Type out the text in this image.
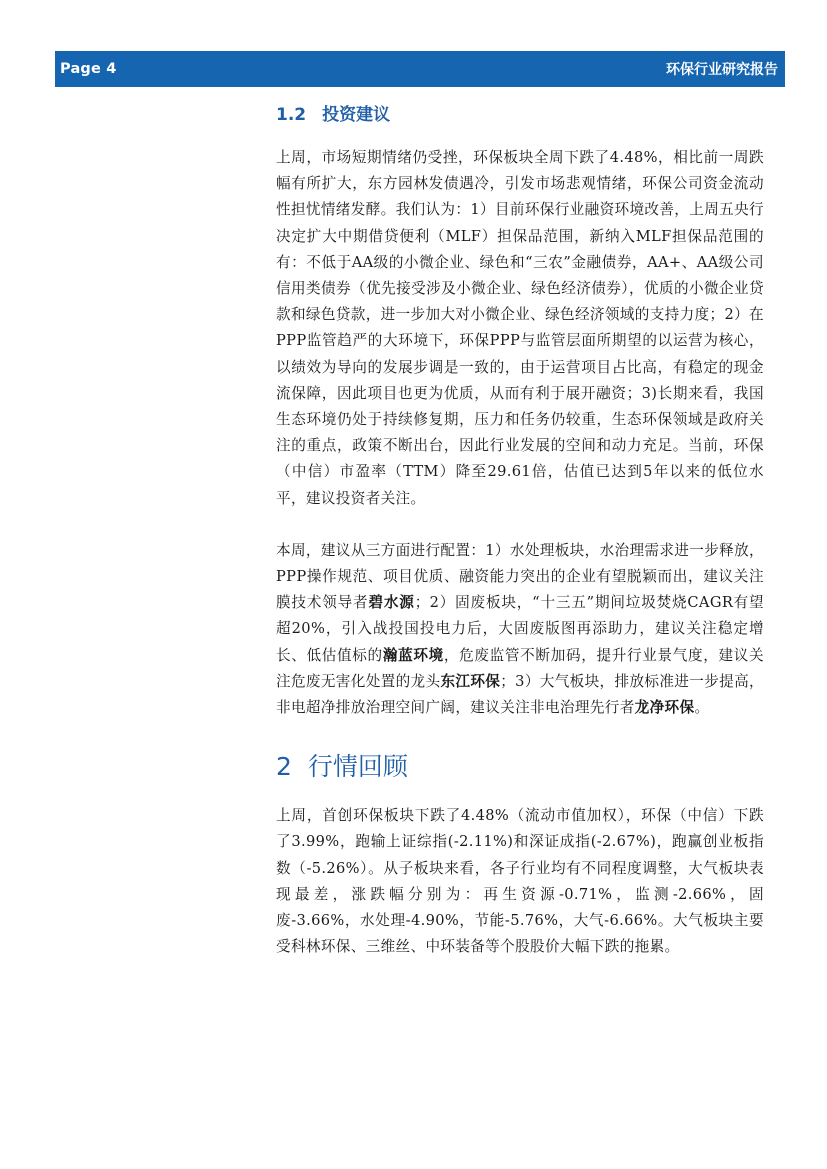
Page 4	环保行业研究报告
1.2 投资建议

上周，市场短期情绪仍受挫，环保板块全周下跌了4.48%，相比前一周跌幅有所扩大，东方园林发债遇冷，引发市场悲观情绪，环保公司资金流动性担忧情绪发酵。我们认为：1）目前环保行业融资环境改善，上周五央行决定扩大中期借贷便利（MLF）担保品范围，新纳入MLF担保品范围的有：不低于AA级的小微企业、绿色和“三农”金融债券，AA+、AA级公司信用类债券（优先接受涉及小微企业、绿色经济债券），优质的小微企业贷款和绿色贷款，进一步加大对小微企业、绿色经济领域的支持力度；2）在PPP监管趋严的大环境下，环保PPP与监管层面所期望的以运营为核心，以绩效为导向的发展步调是一致的，由于运营项目占比高，有稳定的现金流保障，因此项目也更为优质，从而有利于展开融资；3)长期来看，我国生态环境仍处于持续修复期，压力和任务仍较重，生态环保领域是政府关注的重点，政策不断出台，因此行业发展的空间和动力充足。当前，环保（中信）市盈率（TTM）降至29.61倍，估值已达到5年以来的低位水平，建议投资者关注。

本周，建议从三方面进行配置：1）水处理板块，水治理需求进一步释放，PPP操作规范、项目优质、融资能力突出的企业有望脱颖而出，建议关注膜技术领导者碧水源；2）固废板块，“十三五”期间垃圾焚烧CAGR有望超20%，引入战投国投电力后，大固废版图再添助力，建议关注稳定增长、低估值标的瀚蓝环境，危废监管不断加码，提升行业景气度，建议关注危废无害化处置的龙头东江环保；3）大气板块，排放标准进一步提高，非电超净排放治理空间广阔，建议关注非电治理先行者龙净环保。

2 行情回顾

上周，首创环保板块下跌了4.48%（流动市值加权），环保（中信）下跌了3.99%，跑输上证综指(-2.11%)和深证成指(-2.67%)，跑赢创业板指数（-5.26%）。从子板块来看，各子行业均有不同程度调整，大气板块表现最差，涨跌幅分别为：再生资源-0.71%，监测-2.66%，固废-3.66%，水处理-4.90%，节能-5.76%，大气-6.66%。大气板块主要受科林环保、三维丝、中环装备等个股股价大幅下跌的拖累。
